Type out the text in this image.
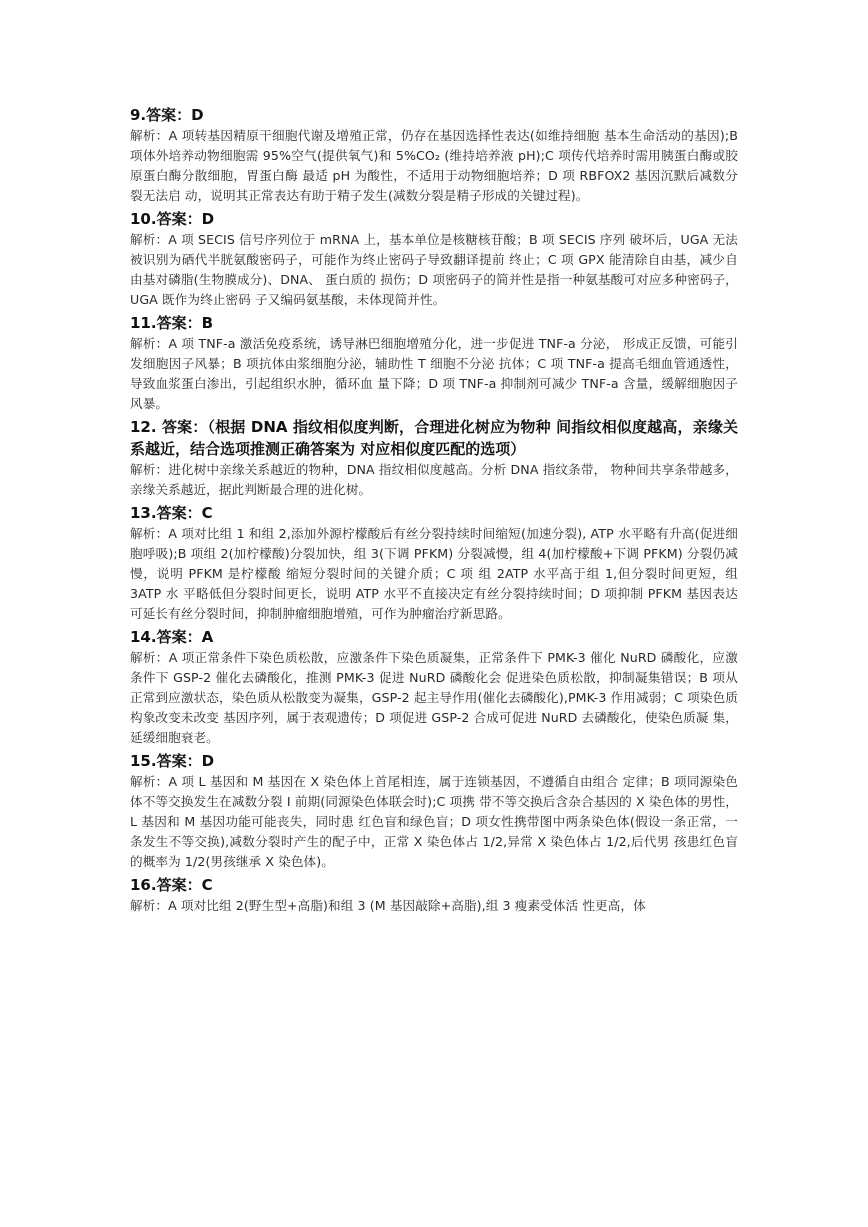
9.答案：D

解析：A 项转基因精原干细胞代谢及增殖正常，仍存在基因选择性表达(如维持细胞 基本生命活动的基因);B 项体外培养动物细胞需 95%空气(提供氧气)和 5%CO₂ (维持培养液 pH);C 项传代培养时需用胰蛋白酶或胶原蛋白酶分散细胞，胃蛋白酶 最适 pH 为酸性，不适用于动物细胞培养；D 项 RBFOX2 基因沉默后减数分裂无法启 动，说明其正常表达有助于精子发生(减数分裂是精子形成的关键过程)。

10.答案：D

解析：A 项 SECIS 信号序列位于 mRNA 上，基本单位是核糖核苷酸；B 项 SECIS 序列 破坏后，UGA 无法被识别为硒代半胱氨酸密码子，可能作为终止密码子导致翻译提前 终止；C 项 GPX 能清除自由基，减少自由基对磷脂(生物膜成分)、DNA、 蛋白质的 损伤；D 项密码子的简并性是指一种氨基酸可对应多种密码子，UGA 既作为终止密码 子又编码氨基酸，未体现简并性。

11.答案：B

解析：A 项 TNF-a 激活免疫系统，诱导淋巴细胞增殖分化，进一步促进 TNF-a 分泌， 形成正反馈，可能引发细胞因子风暴；B 项抗体由浆细胞分泌，辅助性 T 细胞不分泌 抗体；C 项 TNF-a 提高毛细血管通透性，导致血浆蛋白渗出，引起组织水肿，循环血 量下降；D 项 TNF-a 抑制剂可减少 TNF-a 含量，缓解细胞因子风暴。

12. 答案：（根据 DNA 指纹相似度判断，合理进化树应为物种 间指纹相似度越高，亲缘关系越近，结合选项推测正确答案为 对应相似度匹配的选项）

解析：进化树中亲缘关系越近的物种，DNA 指纹相似度越高。分析 DNA 指纹条带， 物种间共享条带越多，亲缘关系越近，据此判断最合理的进化树。

13.答案：C

解析：A 项对比组 1 和组 2,添加外源柠檬酸后有丝分裂持续时间缩短(加速分裂), ATP 水平略有升高(促进细胞呼吸);B 项组 2(加柠檬酸)分裂加快，组 3(下调 PFKM) 分裂减慢，组 4(加柠檬酸+下调 PFKM) 分裂仍减慢，说明 PFKM 是柠檬酸 缩短分裂时间的关键介质；C 项 组 2ATP 水平高于组 1,但分裂时间更短，组 3ATP 水 平略低但分裂时间更长，说明 ATP 水平不直接决定有丝分裂持续时间；D 项抑制 PFKM 基因表达可延长有丝分裂时间，抑制肿瘤细胞增殖，可作为肿瘤治疗新思路。

14.答案：A

解析：A 项正常条件下染色质松散，应激条件下染色质凝集，正常条件下 PMK-3 催化 NuRD 磷酸化，应激条件下 GSP-2 催化去磷酸化，推测 PMK-3 促进 NuRD 磷酸化会 促进染色质松散，抑制凝集错误；B 项从正常到应激状态，染色质从松散变为凝集，GSP-2 起主导作用(催化去磷酸化),PMK-3 作用减弱；C 项染色质构象改变未改变 基因序列，属于表观遗传；D 项促进 GSP-2 合成可促进 NuRD 去磷酸化，使染色质凝 集，延缓细胞衰老。

15.答案：D

解析：A 项 L 基因和 M 基因在 X 染色体上首尾相连，属于连锁基因，不遵循自由组合 定律；B 项同源染色体不等交换发生在减数分裂 I 前期(同源染色体联会时);C 项携 带不等交换后含杂合基因的 X 染色体的男性，L 基因和 M 基因功能可能丧失，同时患 红色盲和绿色盲；D 项女性携带图中两条染色体(假设一条正常，一条发生不等交换),减数分裂时产生的配子中，正常 X 染色体占 1/2,异常 X 染色体占 1/2,后代男 孩患红色盲的概率为 1/2(男孩继承 X 染色体)。

16.答案：C

解析：A 项对比组 2(野生型+高脂)和组 3 (M 基因敲除+高脂),组 3 瘦素受体活 性更高，体
